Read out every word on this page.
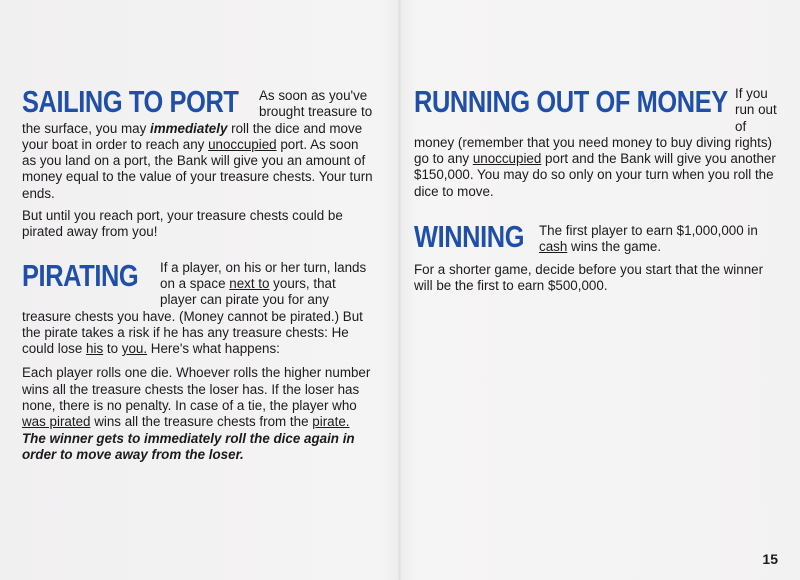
SAILING TO PORT	As soon as you've brought treasure to the surface, you may immediately roll the dice and move your boat in order to reach any unoccupied port. As soon as you land on a port, the Bank will give you an amount of money equal to the value of your treasure chests. Your turn ends.

But until you reach port, your treasure chests could be pirated away from you!

PIRATING	If a player, on his or her turn, lands on a space next to yours, that player can pirate you for any treasure chests you have. (Money cannot be pirated.) But the pirate takes a risk if he has any treasure chests: He could lose his to you. Here's what happens:

Each player rolls one die. Whoever rolls the higher number wins all the treasure chests the loser has. If the loser has none, there is no penalty. In case of a tie, the player who was pirated wins all the treasure chests from the pirate. The winner gets to immediately roll the dice again in order to move away from the loser.

RUNNING OUT OF MONEY If you run out of money (remember that you need money to buy diving rights) go to any unoccupied port and the Bank will give you another $150,000. You may do so only on your turn when you roll the dice to move.

WINNING	The first player to earn $1,000,000 in cash wins the game.

For a shorter game, decide before you start that the winner will be the first to earn $500,000.

15
